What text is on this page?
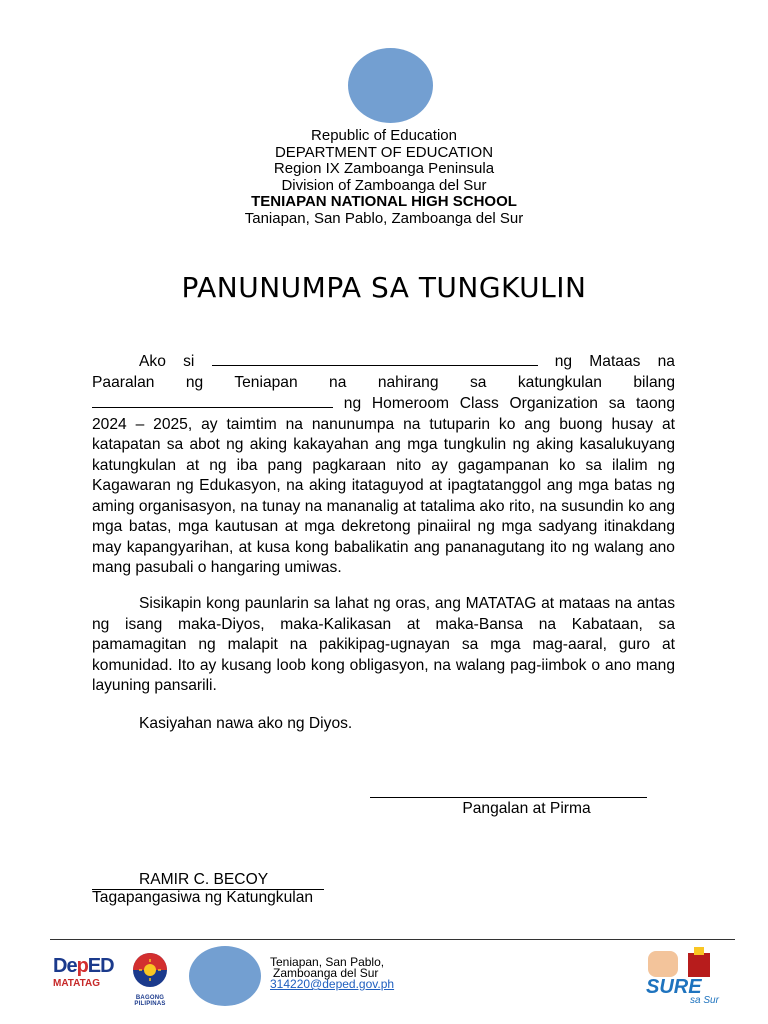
Republic of Education
DEPARTMENT OF EDUCATION
Region IX Zamboanga Peninsula
Division of Zamboanga del Sur
TENIAPAN NATIONAL HIGH SCHOOL
Taniapan, San Pablo, Zamboanga del Sur
PANUNUMPA SA TUNGKULIN

Ako si	ng Mataas na Paaralan ng Teniapan na nahirang sa katungkulan bilang  ng Homeroom Class Organization sa taong 2024 – 2025, ay taimtim na nanunumpa na tutuparin ko ang buong husay at katapatan sa abot ng aking kakayahan ang mga tungkulin ng aking kasalukuyang katungkulan at ng iba pang pagkaraan nito ay gagampanan ko sa ilalim ng Kagawaran ng Edukasyon, na aking itataguyod at ipagtatanggol ang mga batas ng aming organisasyon, na tunay na mananalig at tatalima ako rito, na susundin ko ang mga batas, mga kautusan at mga dekretong pinaiiral ng mga sadyang itinakdang may kapangyarihan, at kusa kong babalikatin ang pananagutang ito ng walang ano mang pasubali o hangaring umiwas.

Sisikapin kong paunlarin sa lahat ng oras, ang MATATAG at mataas na antas ng isang maka-Diyos, maka-Kalikasan at maka-Bansa na Kabataan, sa pamamagitan ng malapit na pakikipag-ugnayan sa mga mag-aaral, guro at komunidad. Ito ay kusang loob kong obligasyon, na walang pag-iimbok o ano mang layuning pansarili.

Kasiyahan nawa ako ng Diyos.

Pangalan at Pirma
RAMIR C. BECOY
Tagapangasiwa ng Katungkulan
DepED
MATATAG
BAGONG PILIPINAS
Teniapan, San Pablo,
Zamboanga del Sur
314220@deped.gov.ph	SURE
sa Sur
